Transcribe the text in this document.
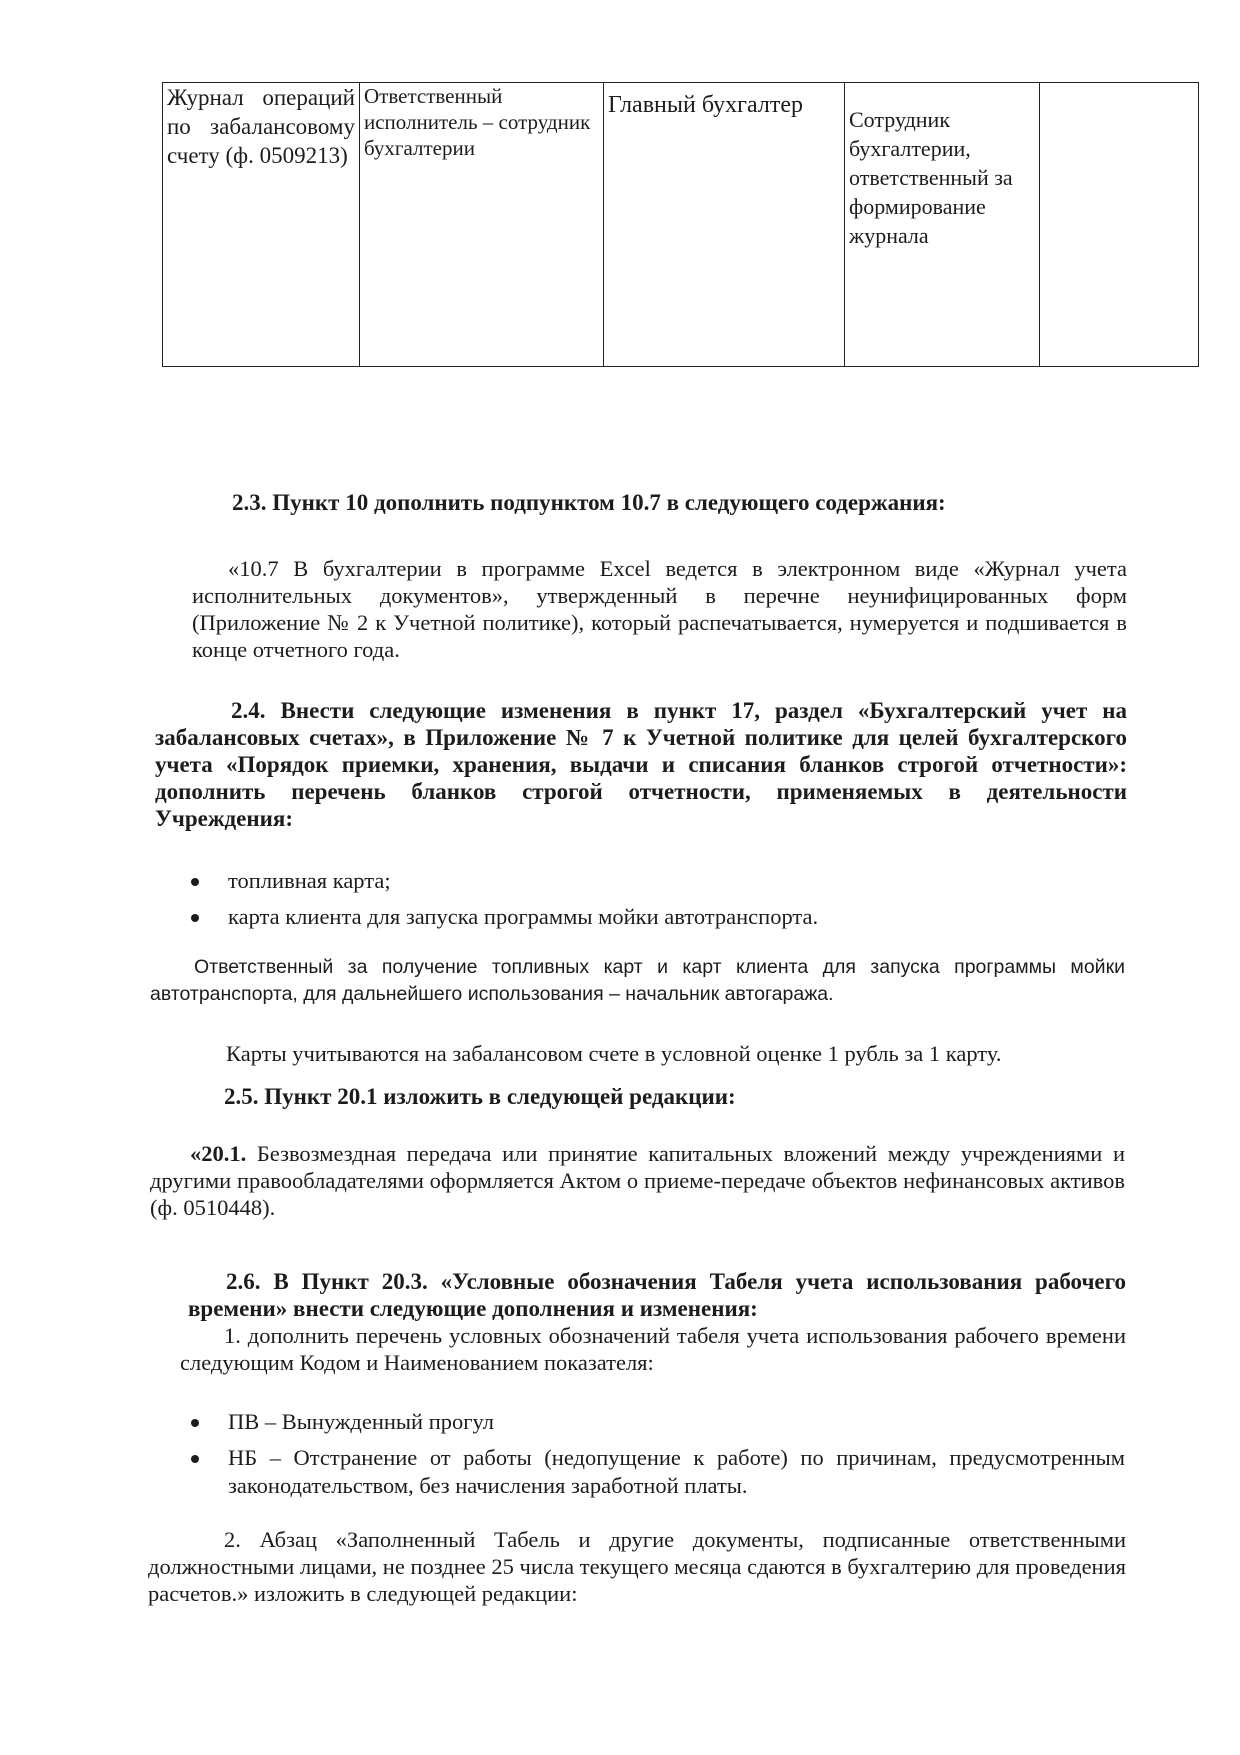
Журнал операций по забалансовому счету (ф. 0509213)	Ответственный исполнитель – сотрудник бухгалтерии	Главный бухгалтер	Сотрудник бухгалтерии, ответственный за формирование журнала	
2.3. Пункт 10 дополнить подпунктом 10.7 в следующего содержания:
«10.7 В бухгалтерии в программе Excel ведется в электронном виде «Журнал учета исполнительных документов», утвержденный в перечне неунифицированных форм (Приложение № 2 к Учетной политике), который распечатывается, нумеруется и подшивается в конце отчетного года.
2.4. Внести следующие изменения в пункт 17, раздел «Бухгалтерский учет на забалансовых счетах», в Приложение № 7 к Учетной политике для целей бухгалтерского учета «Порядок приемки, хранения, выдачи и списания бланков строгой отчетности»: дополнить перечень бланков строгой отчетности, применяемых в деятельности Учреждения:
топливная карта;
карта клиента для запуска программы мойки автотранспорта.
Ответственный за получение топливных карт и карт клиента для запуска программы мойки автотранспорта, для дальнейшего использования – начальник автогаража.
Карты учитываются на забалансовом счете в условной оценке 1 рубль за 1 карту.
2.5. Пункт 20.1 изложить в следующей редакции:
«20.1. Безвозмездная передача или принятие капитальных вложений между учреждениями и другими правообладателями оформляется Актом о приеме-передаче объектов нефинансовых активов (ф. 0510448).
2.6. В Пункт 20.3. «Условные обозначения Табеля учета использования рабочего времени» внести следующие дополнения и изменения:
1. дополнить перечень условных обозначений табеля учета использования рабочего времени следующим Кодом и Наименованием показателя:
ПВ – Вынужденный прогул
НБ – Отстранение от работы (недопущение к работе) по причинам, предусмотренным законодательством, без начисления заработной платы.
2. Абзац «Заполненный Табель и другие документы, подписанные ответственными должностными лицами, не позднее 25 числа текущего месяца сдаются в бухгалтерию для проведения расчетов.» изложить в следующей редакции:
